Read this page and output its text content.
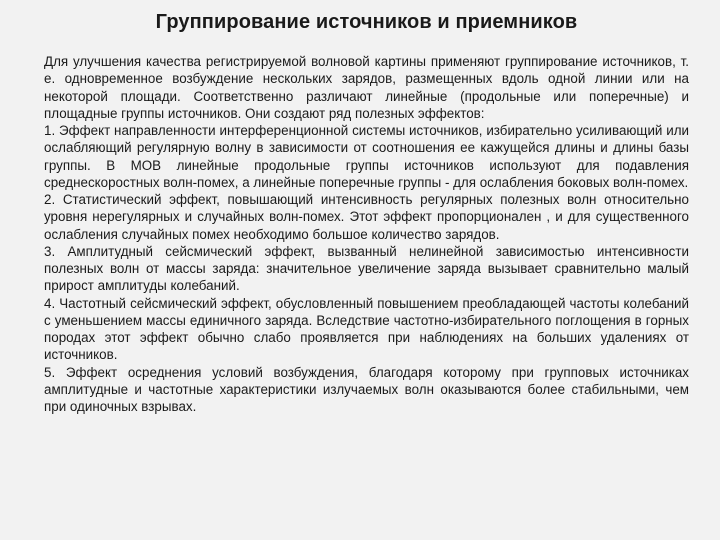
Группирование источников и приемников

Для улучшения качества регистрируемой волновой картины применяют группирование источников, т. е. одновременное возбуждение нескольких зарядов, размещенных вдоль одной линии или на некоторой площади. Соответственно различают линейные (продольные или поперечные) и площадные группы источников. Они создают ряд полезных эффектов:

1. Эффект направленности интерференционной системы источников, избирательно усиливающий или ослабляющий регулярную волну в зависимости от соотношения ее кажущейся длины и длины базы группы. В МОВ линейные продольные группы источников используют для подавления среднескоростных волн-помех, а линейные поперечные группы - для ослабления боковых волн-помех.

2. Статистический эффект, повышающий интенсивность регулярных полезных волн относительно уровня нерегулярных и случайных волн-помех. Этот эффект пропорционален , и для существенного ослабления случайных помех необходимо большое количество зарядов.

3. Амплитудный сейсмический эффект, вызванный нелинейной зависимостью интенсивности полезных волн от массы заряда: значительное увеличение заряда вызывает сравнительно малый прирост амплитуды колебаний.

4. Частотный сейсмический эффект, обусловленный повышением преобладающей частоты колебаний с уменьшением массы единичного заряда. Вследствие частотно-избирательного поглощения в горных породах этот эффект обычно слабо проявляется при наблюдениях на больших удалениях от источников.

5. Эффект осреднения условий возбуждения, благодаря которому при групповых источниках амплитудные и частотные характеристики излучаемых волн оказываются более стабильными, чем при одиночных взрывах.
